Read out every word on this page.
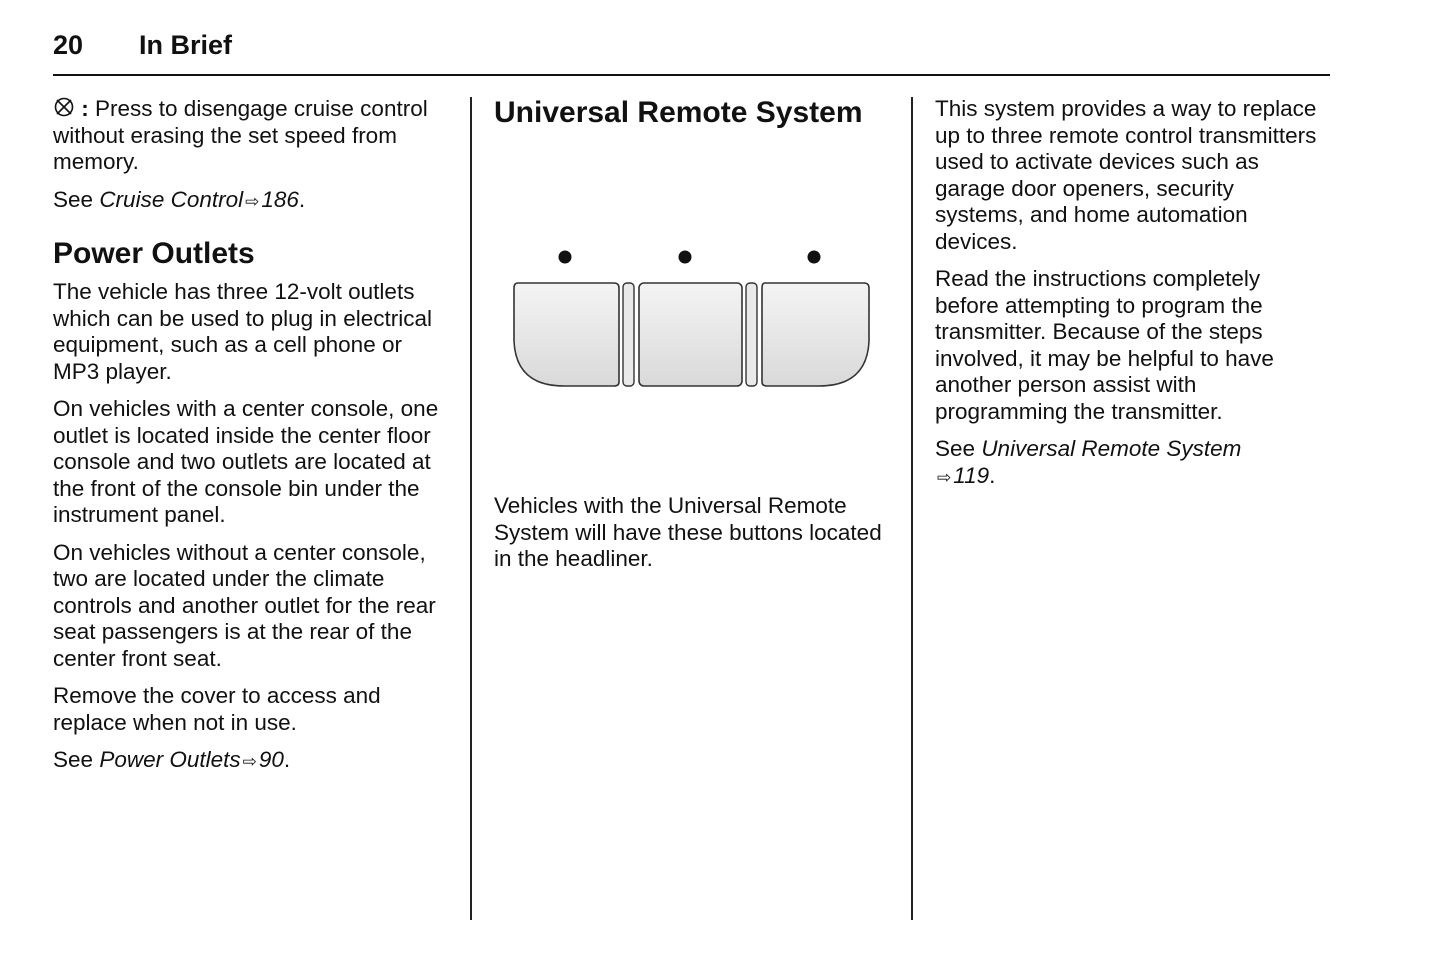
20 In Brief

: Press to disengage cruise control without erasing the set speed from memory.

See Cruise Control ⇨186.

Power Outlets

The vehicle has three 12-volt outlets which can be used to plug in electrical equipment, such as a cell phone or MP3 player.

On vehicles with a center console, one outlet is located inside the center floor console and two outlets are located at the front of the console bin under the instrument panel.

On vehicles without a center console, two are located under the climate controls and another outlet for the rear seat passengers is at the rear of the center front seat.

Remove the cover to access and replace when not in use.

See Power Outlets ⇨90.

Universal Remote System

Vehicles with the Universal Remote System will have these buttons located in the headliner.

This system provides a way to replace up to three remote control transmitters used to activate devices such as garage door openers, security systems, and home automation devices.

Read the instructions completely before attempting to program the transmitter. Because of the steps involved, it may be helpful to have another person assist with programming the transmitter.

See Universal Remote System
⇨119.
